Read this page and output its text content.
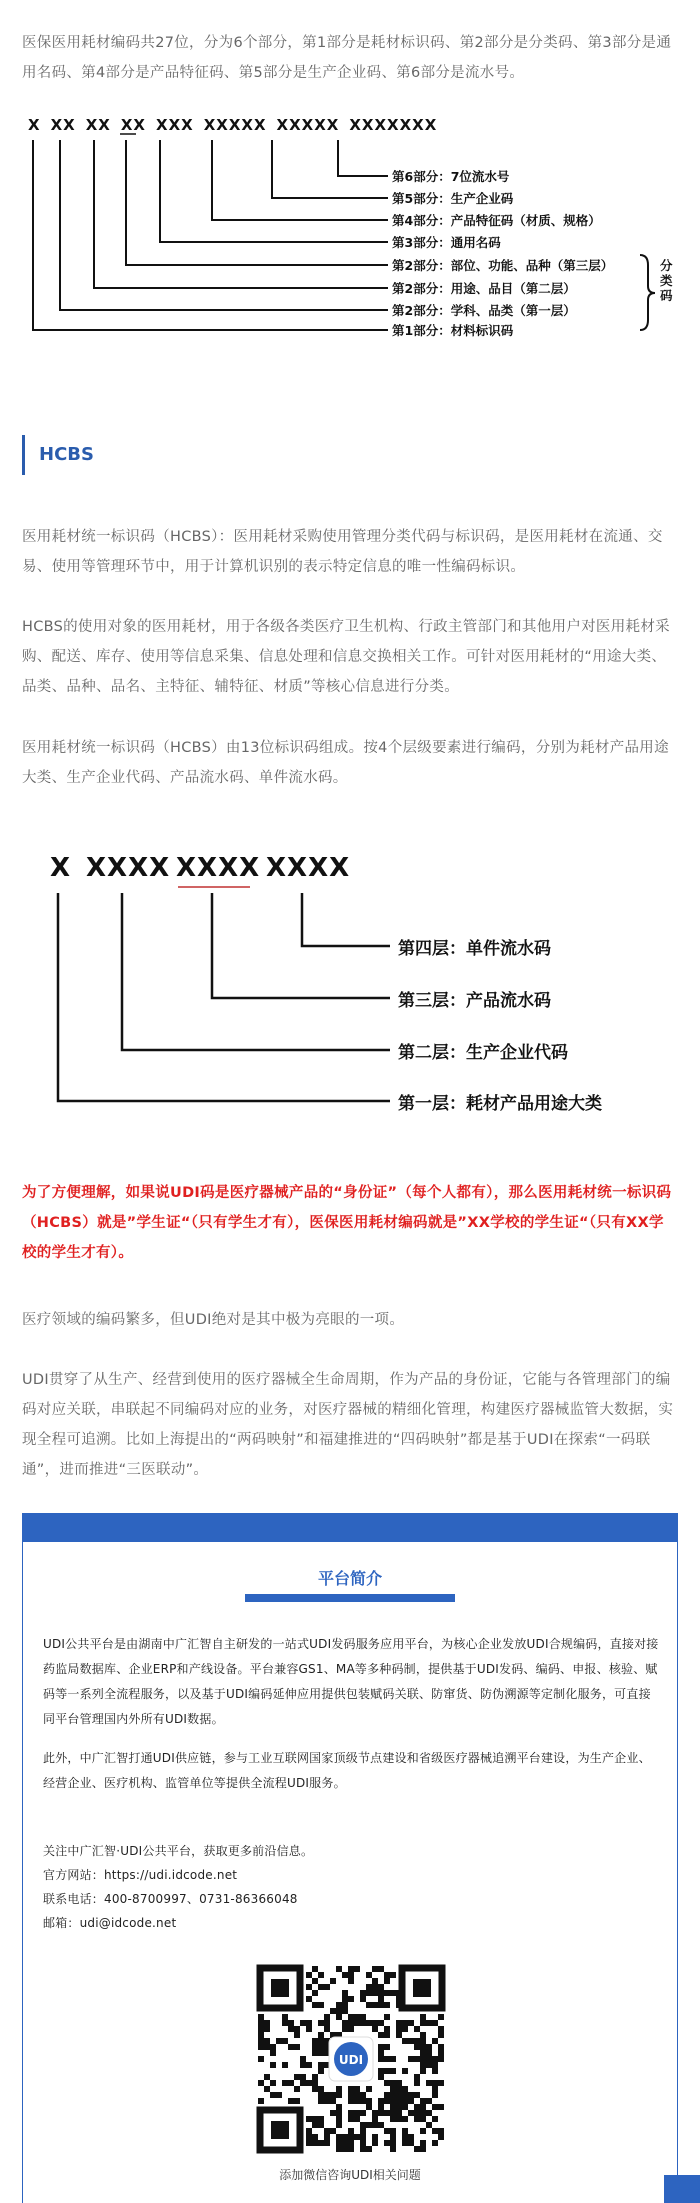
医保医用耗材编码共27位，分为6个部分，第1部分是耗材标识码、第2部分是分类码、第3部分是通用名码、第4部分是产品特征码、第5部分是生产企业码、第6部分是流水号。

X XX XX XX XXX XXXXX XXXXX XXXXXXX
第6部分：7位流水号
第5部分：生产企业码
第4部分：产品特征码（材质、规格）
第3部分：通用名码
第2部分：部位、功能、品种（第三层）
第2部分：用途、品目（第二层）
第2部分：学科、品类（第一层）
第1部分：材料标识码
分类码
HCBS

医用耗材统一标识码（HCBS）：医用耗材采购使用管理分类代码与标识码，是医用耗材在流通、交易、使用等管理环节中，用于计算机识别的表示特定信息的唯一性编码标识。

HCBS的使用对象的医用耗材，用于各级各类医疗卫生机构、行政主管部门和其他用户对医用耗材采购、配送、库存、使用等信息采集、信息处理和信息交换相关工作。可针对医用耗材的“用途大类、品类、品种、品名、主特征、辅特征、材质”等核心信息进行分类。

医用耗材统一标识码（HCBS）由13位标识码组成。按4个层级要素进行编码，分别为耗材产品用途大类、生产企业代码、产品流水码、单件流水码。

X XXXX XXXX XXXX
第四层：单件流水码
第三层：产品流水码
第二层：生产企业代码
第一层：耗材产品用途大类

为了方便理解，如果说UDI码是医疗器械产品的“身份证”（每个人都有），那么医用耗材统一标识码（HCBS）就是”学生证“（只有学生才有），医保医用耗材编码就是”XX学校的学生证“（只有XX学校的学生才有）。

医疗领域的编码繁多，但UDI绝对是其中极为亮眼的一项。

UDI贯穿了从生产、经营到使用的医疗器械全生命周期，作为产品的身份证，它能与各管理部门的编码对应关联，串联起不同编码对应的业务，对医疗器械的精细化管理，构建医疗器械监管大数据，实现全程可追溯。比如上海提出的“两码映射”和福建推进的“四码映射”都是基于UDI在探索“一码联通”，进而推进“三医联动”。

平台简介

UDI公共平台是由湖南中广汇智自主研发的一站式UDI发码服务应用平台，为核心企业发放UDI合规编码，直接对接药监局数据库、企业ERP和产线设备。平台兼容GS1、MA等多种码制，提供基于UDI发码、编码、申报、核验、赋码等一系列全流程服务，以及基于UDI编码延伸应用提供包装赋码关联、防窜货、防伪溯源等定制化服务，可直接同平台管理国内外所有UDI数据。

此外，中广汇智打通UDI供应链，参与工业互联网国家顶级节点建设和省级医疗器械追溯平台建设，为生产企业、经营企业、医疗机构、监管单位等提供全流程UDI服务。

关注中广汇智·UDI公共平台，获取更多前沿信息。

官方网站：https://udi.idcode.net

联系电话：400-8700997、0731-86366048

邮箱：udi@idcode.net

UDI
添加微信咨询UDI相关问题
